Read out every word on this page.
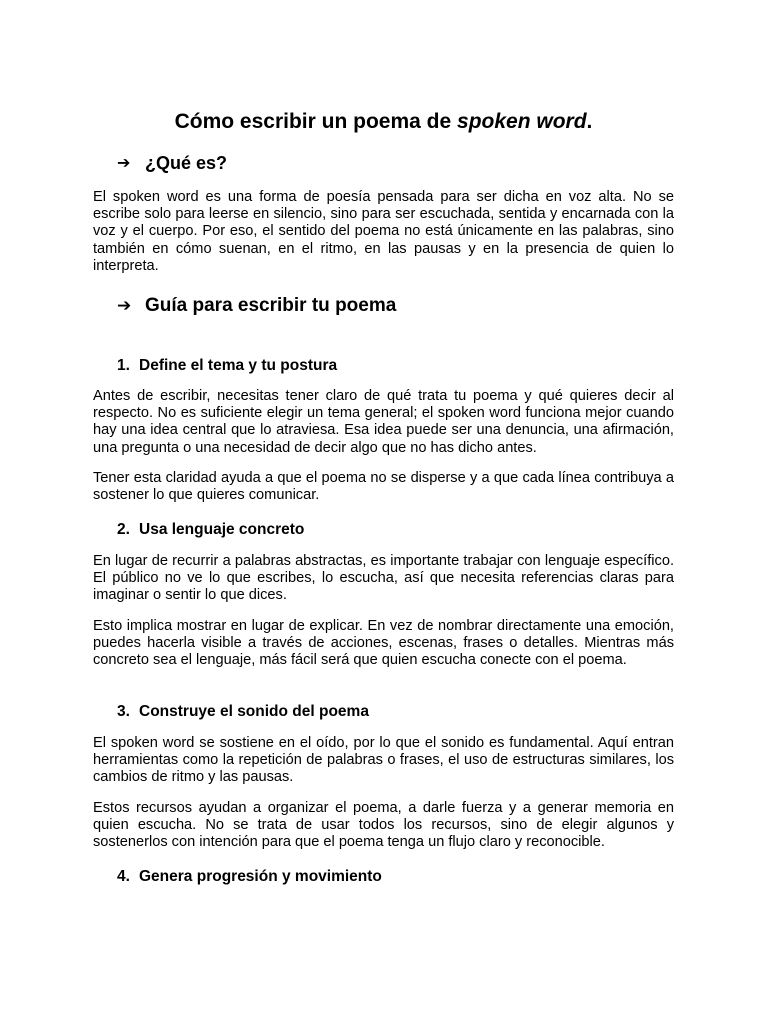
Cómo escribir un poema de spoken word.
➔ ¿Qué es?

El spoken word es una forma de poesía pensada para ser dicha en voz alta. No se escribe solo para leerse en silencio, sino para ser escuchada, sentida y encarnada con la voz y el cuerpo. Por eso, el sentido del poema no está únicamente en las palabras, sino también en cómo suenan, en el ritmo, en las pausas y en la presencia de quien lo interpreta.

➔ Guía para escribir tu poema
1. Define el tema y tu postura

Antes de escribir, necesitas tener claro de qué trata tu poema y qué quieres decir al respecto. No es suficiente elegir un tema general; el spoken word funciona mejor cuando hay una idea central que lo atraviesa. Esa idea puede ser una denuncia, una afirmación, una pregunta o una necesidad de decir algo que no has dicho antes.

Tener esta claridad ayuda a que el poema no se disperse y a que cada línea contribuya a sostener lo que quieres comunicar.

2. Usa lenguaje concreto

En lugar de recurrir a palabras abstractas, es importante trabajar con lenguaje específico. El público no ve lo que escribes, lo escucha, así que necesita referencias claras para imaginar o sentir lo que dices.

Esto implica mostrar en lugar de explicar. En vez de nombrar directamente una emoción, puedes hacerla visible a través de acciones, escenas, frases o detalles. Mientras más concreto sea el lenguaje, más fácil será que quien escucha conecte con el poema.

3. Construye el sonido del poema

El spoken word se sostiene en el oído, por lo que el sonido es fundamental. Aquí entran herramientas como la repetición de palabras o frases, el uso de estructuras similares, los cambios de ritmo y las pausas.

Estos recursos ayudan a organizar el poema, a darle fuerza y a generar memoria en quien escucha. No se trata de usar todos los recursos, sino de elegir algunos y sostenerlos con intención para que el poema tenga un flujo claro y reconocible.

4. Genera progresión y movimiento
